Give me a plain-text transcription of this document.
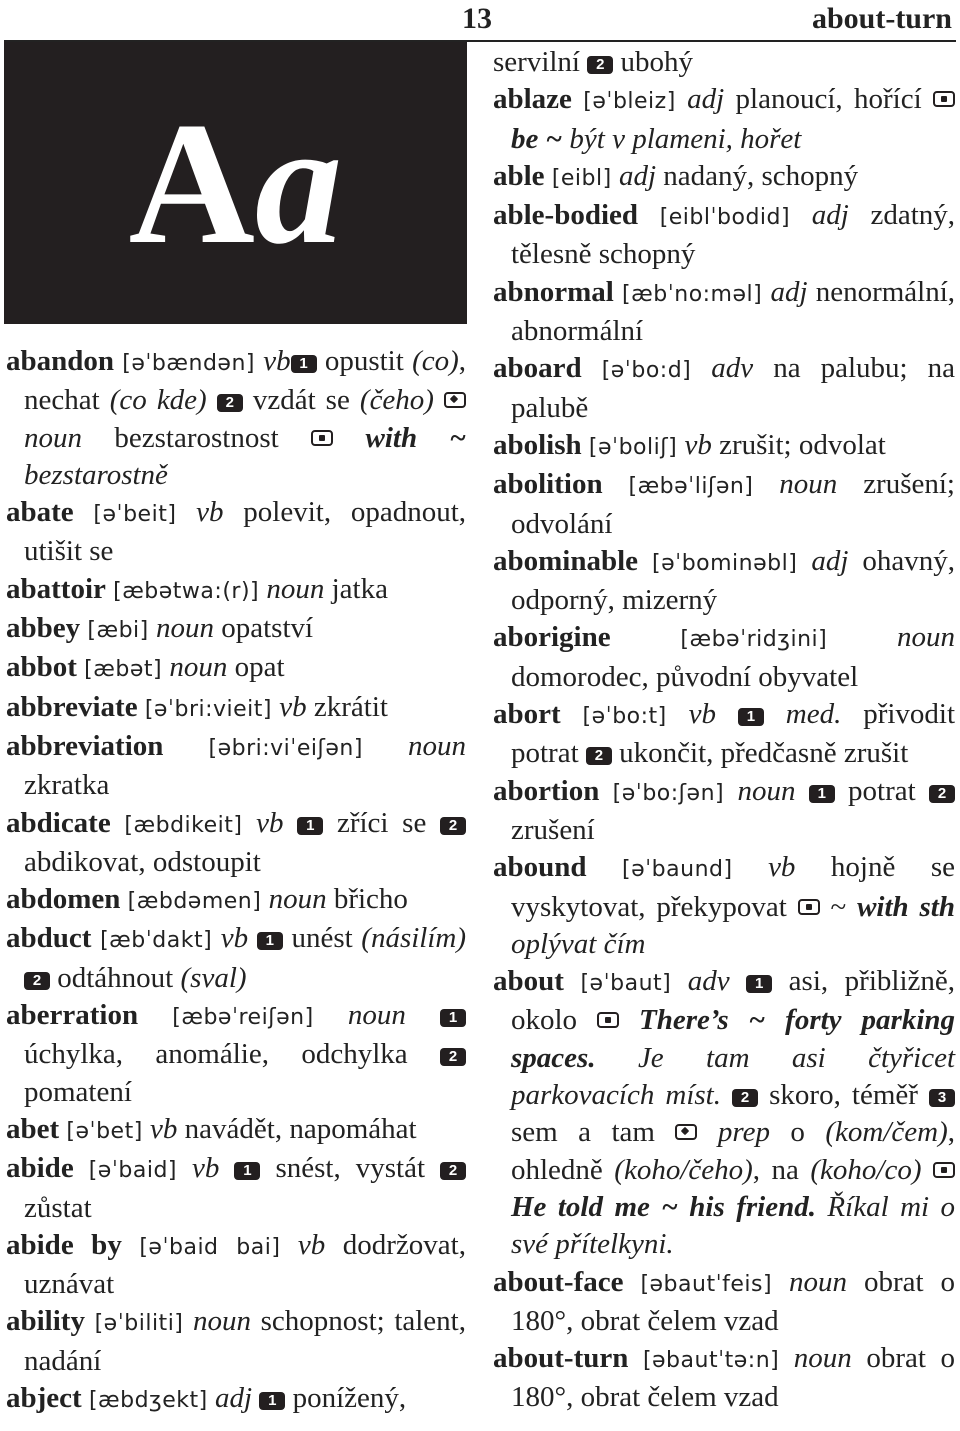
13	about-turn
A a
abandon [əˈbændən] vb 1 opustit (co), nechat (co kde) 2 vzdát se (čeho)  noun bezstarostnost  with ~ bezstarostně
abate [əˈbeit] vb polevit, opadnout, utišit se
abattoir [æbətwa:(r)] noun jatka
abbey [æbi] noun opatství
abbot [æbət] noun opat
abbreviate [əˈbri:vieit] vb zkrátit
abbreviation [əbri:viˈeiʃən] noun zkratka
abdicate [æbdikeit] vb 1 zříci se 2 abdikovat, odstoupit
abdomen [æbdəmen] noun břicho
abduct [æbˈdakt] vb 1 unést (násilím) 2 odtáhnout (sval)
aberration [æbəˈreiʃən] noun	1 úchylka, anomálie, odchylka 2 pomatení
abet [əˈbet] vb navádět, napomáhat
abide [əˈbaid] vb 1 snést, vystát 2 zůstat
abide by [əˈbaid bai] vb dodržovat, uznávat
ability [əˈbiliti] noun schopnost; talent, nadání
abject [æbdʒekt] adj 1 ponížený,
servilní 2 ubohý
ablaze [əˈbleiz] adj planoucí, hořící  be ~ být v plameni, hořet
able [eibl] adj nadaný, schopný
able-bodied [eiblˈbodid] adj zdatný, tělesně schopný
abnormal [æbˈno:məl] adj nenormální, abnormální
aboard [əˈbo:d] adv na palubu; na palubě
abolish [əˈboliʃ] vb zrušit; odvolat
abolition [æbəˈliʃən] noun zrušení; odvolání
abominable [əˈbominəbl] adj ohavný, odporný, mizerný
aborigine	[æbəˈridʒini] noun domorodec, původní obyvatel
abort [əˈbo:t] vb 1 med. přivodit potrat 2 ukončit, předčasně zrušit
abortion [əˈbo:ʃən] noun 1 potrat 2 zrušení
abound [əˈbaund] vb hojně se vyskytovat, překypovat  ~ with sth oplývat čím
about [əˈbaut] adv 1 asi, přibližně, okolo  There’s ~ forty parking spaces. Je tam asi čtyřicet parkovacích míst. 2 skoro, téměř 3 sem a tam  prep o (kom/čem), ohledně (koho/čeho), na (koho/co)  He told me ~ his friend. Říkal mi o své přítelkyni.
about-face [əbautˈfeis] noun obrat o 180°, obrat čelem vzad
about-turn [əbautˈtə:n] noun obrat o 180°, obrat čelem vzad
